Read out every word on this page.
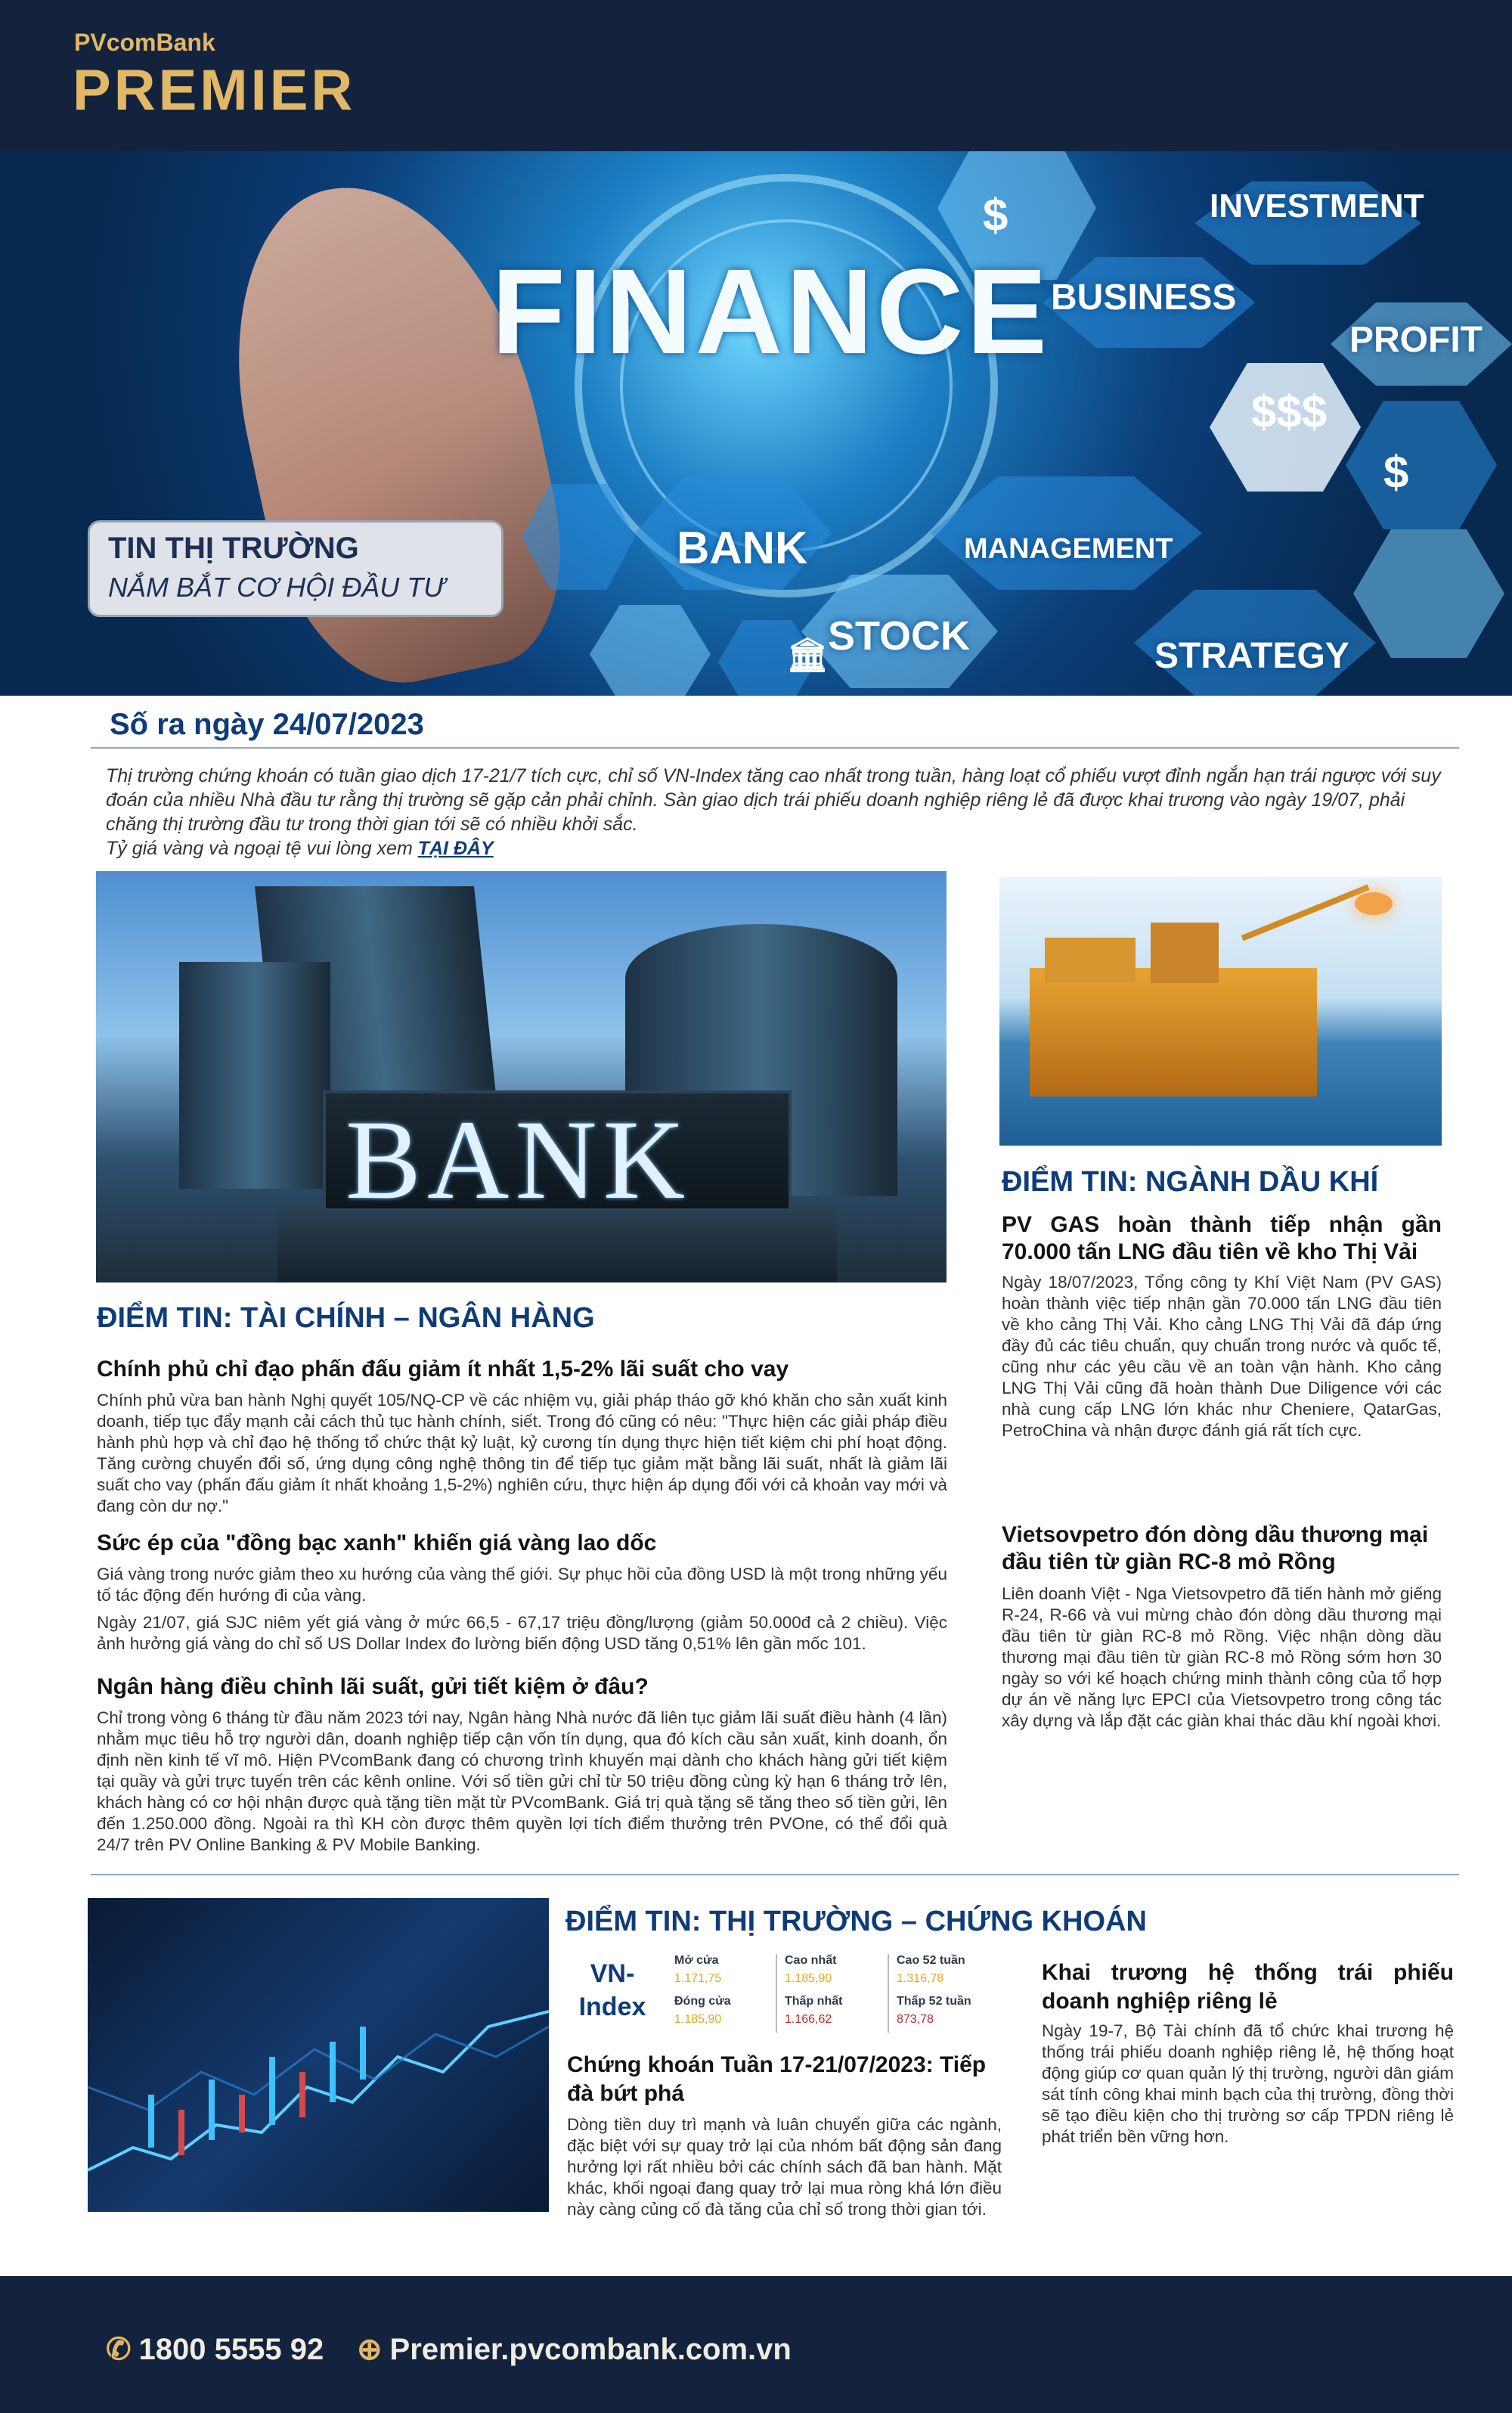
PVcomBank
PREMIER
$
$$$
$
🏛
FINANCE
INVESTMENT
BUSINESS
PROFIT
BANK	MANAGEMENT
STOCK	STRATEGY
TIN THỊ TRƯỜNG
NẮM BẮT CƠ HỘI ĐẦU TƯ
Số ra ngày 24/07/2023
Thị trường chứng khoán có tuần giao dịch 17-21/7 tích cực, chỉ số VN-Index tăng cao nhất trong tuần, hàng loạt cổ phiếu vượt đỉnh ngắn hạn trái ngược với suy đoán của nhiều Nhà đầu tư rằng thị trường sẽ gặp cản phải chỉnh. Sàn giao dịch trái phiếu doanh nghiệp riêng lẻ đã được khai trương vào ngày 19/07, phải chăng thị trường đầu tư trong thời gian tới sẽ có nhiều khởi sắc.
Tỷ giá vàng và ngoại tệ vui lòng xem TẠI ĐÂY
BANK
ĐIỂM TIN: TÀI CHÍNH – NGÂN HÀNG
Chính phủ chỉ đạo phấn đấu giảm ít nhất 1,5-2% lãi suất cho vay
Chính phủ vừa ban hành Nghị quyết 105/NQ-CP về các nhiệm vụ, giải pháp tháo gỡ khó khăn cho sản xuất kinh doanh, tiếp tục đẩy mạnh cải cách thủ tục hành chính, siết. Trong đó cũng có nêu: "Thực hiện các giải pháp điều hành phù hợp và chỉ đạo hệ thống tổ chức thật kỷ luật, kỷ cương tín dụng thực hiện tiết kiệm chi phí hoạt động. Tăng cường chuyển đổi số, ứng dụng công nghệ thông tin để tiếp tục giảm mặt bằng lãi suất, nhất là giảm lãi suất cho vay (phấn đấu giảm ít nhất khoảng 1,5-2%) nghiên cứu, thực hiện áp dụng đối với cả khoản vay mới và đang còn dư nợ."
Sức ép của "đồng bạc xanh" khiến giá vàng lao dốc
Giá vàng trong nước giảm theo xu hướng của vàng thế giới. Sự phục hồi của đồng USD là một trong những yếu tố tác động đến hướng đi của vàng.
Ngày 21/07, giá SJC niêm yết giá vàng ở mức 66,5 - 67,17 triệu đồng/lượng (giảm 50.000đ cả 2 chiều). Việc ảnh hưởng giá vàng do chỉ số US Dollar Index đo lường biến động USD tăng 0,51% lên gần mốc 101.
Ngân hàng điều chỉnh lãi suất, gửi tiết kiệm ở đâu?
Chỉ trong vòng 6 tháng từ đầu năm 2023 tới nay, Ngân hàng Nhà nước đã liên tục giảm lãi suất điều hành (4 lần) nhằm mục tiêu hỗ trợ người dân, doanh nghiệp tiếp cận vốn tín dụng, qua đó kích cầu sản xuất, kinh doanh, ổn định nền kinh tế vĩ mô. Hiện PVcomBank đang có chương trình khuyến mại dành cho khách hàng gửi tiết kiệm tại quầy và gửi trực tuyến trên các kênh online. Với số tiền gửi chỉ từ 50 triệu đồng cùng kỳ hạn 6 tháng trở lên, khách hàng có cơ hội nhận được quà tặng tiền mặt từ PVcomBank. Giá trị quà tặng sẽ tăng theo số tiền gửi, lên đến 1.250.000 đồng. Ngoài ra thì KH còn được thêm quyền lợi tích điểm thưởng trên PVOne, có thể đổi quà 24/7 trên PV Online Banking & PV Mobile Banking.
ĐIỂM TIN: NGÀNH DẦU KHÍ
PV GAS hoàn thành tiếp nhận gần 70.000 tấn LNG đầu tiên về kho Thị Vải
Ngày 18/07/2023, Tổng công ty Khí Việt Nam (PV GAS) hoàn thành việc tiếp nhận gần 70.000 tấn LNG đầu tiên về kho cảng Thị Vải. Kho cảng LNG Thị Vải đã đáp ứng đầy đủ các tiêu chuẩn, quy chuẩn trong nước và quốc tế, cũng như các yêu cầu về an toàn vận hành. Kho cảng LNG Thị Vải cũng đã hoàn thành Due Diligence với các nhà cung cấp LNG lớn khác như Cheniere, QatarGas, PetroChina và nhận được đánh giá rất tích cực.
Vietsovpetro đón dòng dầu thương mại đầu tiên từ giàn RC-8 mỏ Rồng
Liên doanh Việt - Nga Vietsovpetro đã tiến hành mở giếng R-24, R-66 và vui mừng chào đón dòng dầu thương mại đầu tiên từ giàn RC-8 mỏ Rồng. Việc nhận dòng dầu thương mại đầu tiên từ giàn RC-8 mỏ Rồng sớm hơn 30 ngày so với kế hoạch chứng minh thành công của tổ hợp dự án về năng lực EPCI của Vietsovpetro trong công tác xây dựng và lắp đặt các giàn khai thác dầu khí ngoài khơi.
ĐIỂM TIN: THỊ TRƯỜNG – CHỨNG KHOÁN
VN-Index
Mở cửa
1.171,75
Đóng cửa
1.185,90
Cao nhất
1.185,90
Thấp nhất
1.166,62
Cao 52 tuần
1.316,78
Thấp 52 tuần
873,78
Chứng khoán Tuần 17-21/07/2023: Tiếp đà bứt phá
Dòng tiền duy trì mạnh và luân chuyển giữa các ngành, đặc biệt với sự quay trở lại của nhóm bất động sản đang hưởng lợi rất nhiều bởi các chính sách đã ban hành. Mặt khác, khối ngoại đang quay trở lại mua ròng khá lớn điều này càng củng cố đà tăng của chỉ số trong thời gian tới.
Khai trương hệ thống trái phiếu doanh nghiệp riêng lẻ
Ngày 19-7, Bộ Tài chính đã tổ chức khai trương hệ thống trái phiếu doanh nghiệp riêng lẻ, hệ thống hoạt động giúp cơ quan quản lý thị trường, người dân giám sát tính công khai minh bạch của thị trường, đồng thời sẽ tạo điều kiện cho thị trường sơ cấp TPDN riêng lẻ phát triển bền vững hơn.
✆ 1800 5555 92 ⊕ Premier.pvcombank.com.vn
